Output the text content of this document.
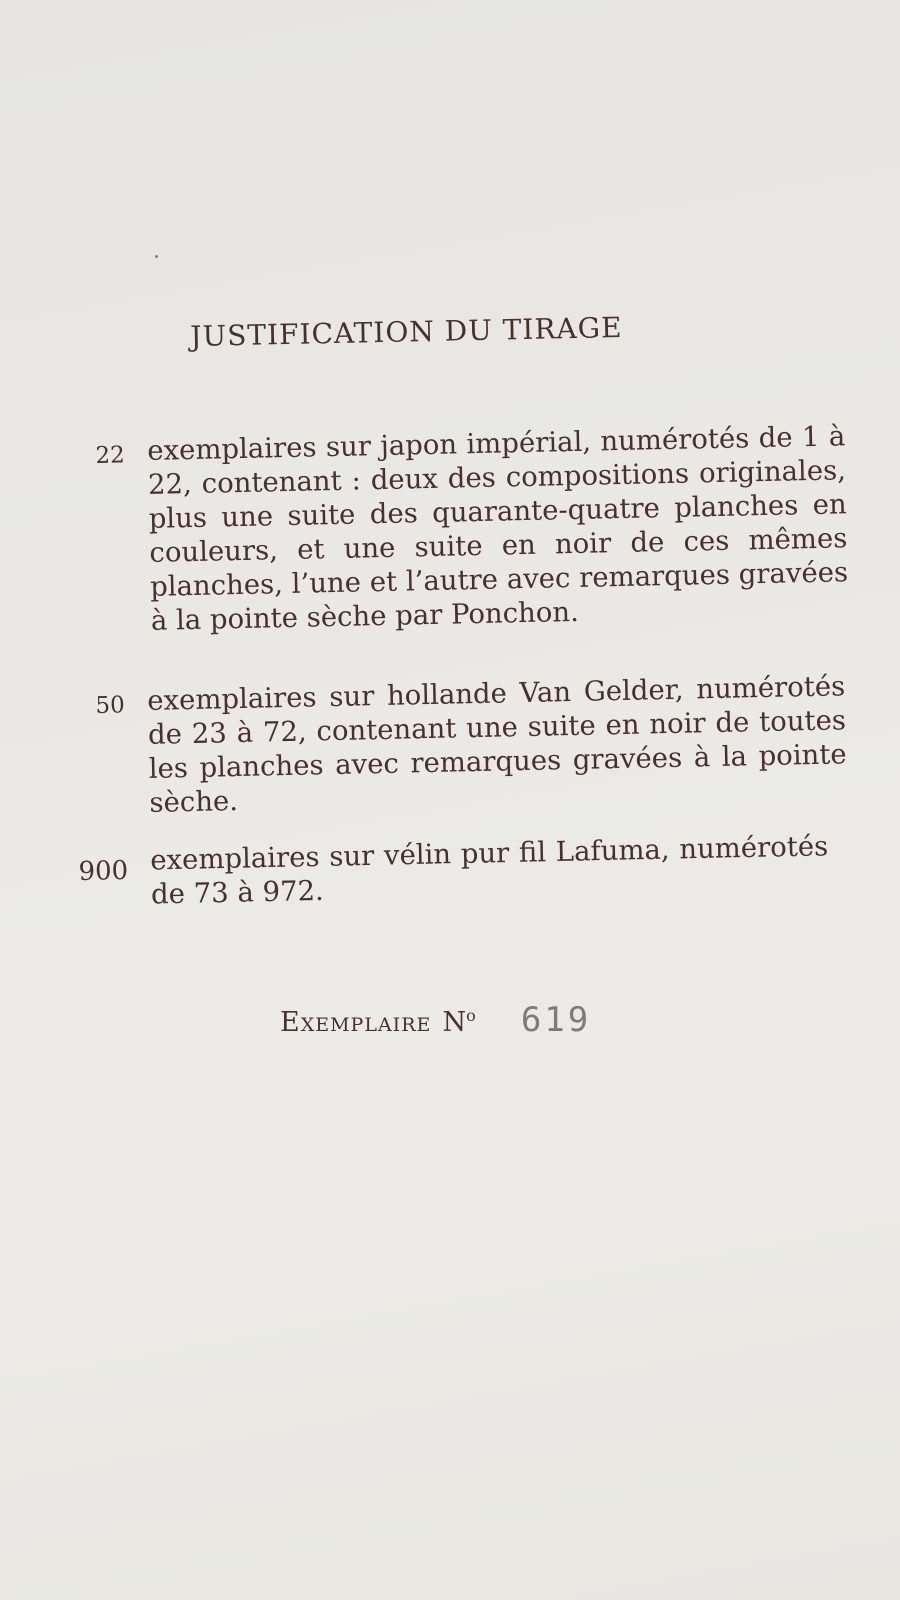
JUSTIFICATION DU TIRAGE
22 exemplaires sur japon impérial, numérotés de 1 à 22, contenant : deux des compositions originales, plus une suite des quarante-quatre planches en couleurs, et une suite en noir de ces mêmes planches, l’une et l’autre avec remarques gravées à la pointe sèche par Ponchon.
50 exemplaires sur hollande Van Gelder, numérotés de 23 à 72, contenant une suite en noir de toutes les planches avec remarques gravées à la pointe sèche.
900 exemplaires sur vélin pur fil Lafuma, numérotés de 73 à 972.
Exemplaire $N^o$ 619
